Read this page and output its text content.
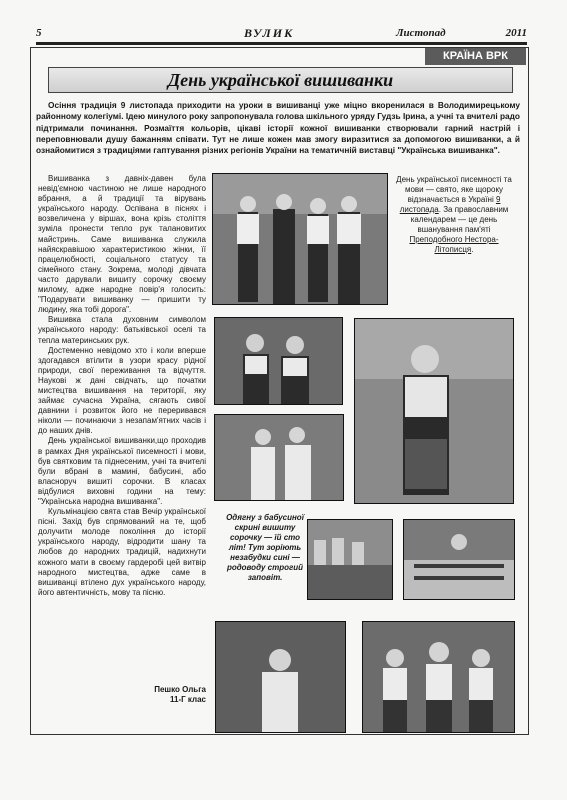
5	ВУЛИК	Листопад	2011
КРАЇНА ВРК
День української вишиванки
Осіння традиція 9 листопада приходити на уроки в вишиванці уже міцно вкоренилася в Володимирецькому районному колегіумі. Ідею минулого року запропонувала голова шкільного уряду Гудзь Ірина, а учні та вчителі радо підтримали починання. Розмаїття кольорів, цікаві історії кожної вишиванки створювали гарний настрій і переповнювали душу бажанням співати. Тут не лише кожен мав змогу виразитися за допомогою вишиванки, а й ознайомитися з традиціями гаптування різних регіонів України на тематичній виставці "Українська вишиванка".

Вишиванка з давніх-давен була невід'ємною частиною не лише народного вбрання, а й традиції та вірувань українського народу. Оспівана в піснях і возвеличена у віршах, вона крізь століття зуміла пронести тепло рук талановитих майстринь. Саме вишиванка служила найяскравішою характеристикою жінки, її працелюбності, соціального статусу та сімейного стану. Зокрема, молоді дівчата часто дарували вишиту сорочку своєму милому, адже народне повір'я голосить: "Подарувати вишиванку — пришити ту людину, яка тобі дорога".

Вишивка стала духовним символом українського народу: батьківської оселі та тепла материнських рук.

Достеменно невідомо хто і коли вперше здогадався втілити в узори красу рідної природи, свої переживання та відчуття. Наукові ж дані свідчать, що початки мистецтва вишивання на території, яку займає сучасна Україна, сягають сивої давнини і розвиток його не переривався ніколи — починаючи з незапам'ятних часів і до наших днів.

День української вишиванки,що проходив в рамках Дня української писемності і мови, був святковим та піднесеним, учні та вчителі були вбрані в мамині, бабусині, або власноруч вишиті сорочки. В класах відбулися виховні години на тему: "Українська народна вишиванка".

Кульмінацією свята став Вечір української пісні. Захід був спрямований на те, щоб долучити молоде покоління до історії українського народу, відродити шану та любов до народних традицій, надихнути кожного мати в своєму гардеробі цей витвір народного мистецтва, адже саме в вишиванці втілено дух українського народу, його автентичність, мову та пісню.

Пешко Ольга
11-Г клас
День української писемності та мови — свято, яке щороку відзначається в Україні 9 листопада. За православним календарем — це день вшанування пам'яті Преподобного Нестора-Літописця.
Одягну з бабусиної скрині вишиту сорочку — їй сто літ! Тут зоріють незабудки сині — родоводу строгий заповіт.
